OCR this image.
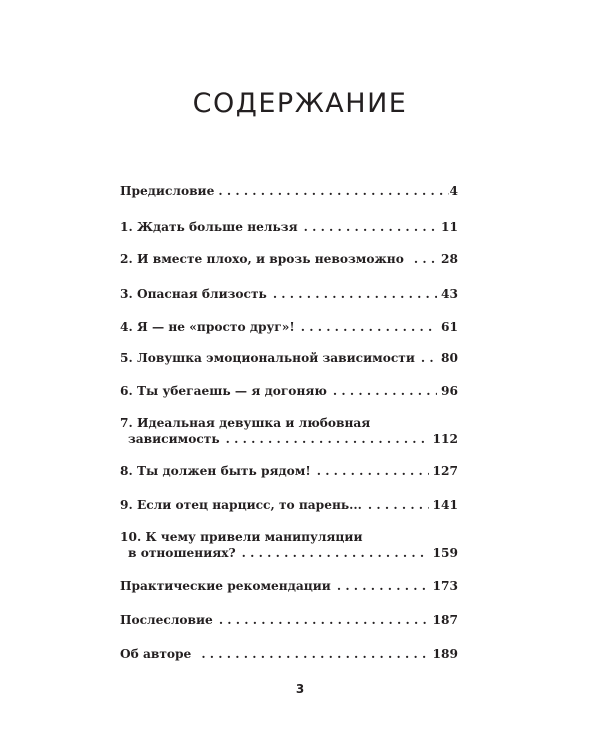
СОДЕРЖАНИЕ
Предисловие . . .	4
1. Ждать больше нельзя . . .	11
2. И вместе плохо, и врозь невозможно . . .	28
3. Опасная близость . . .	43
4. Я — не «просто друг»! . . .	61
5. Ловушка эмоциональной зависимости . . . 80
6. Ты убегаешь — я догоняю . . .	96
7. Идеальная девушка и любовная
зависимость . . .	112
8. Ты должен быть рядом! . . .	127
9. Если отец нарцисс, то парень... . . .	141
10. К чему привели манипуляции
в отношениях? . . .	159
Практические рекомендации . . .	173
Послесловие . . .	187
Об авторе . . .	189
3
